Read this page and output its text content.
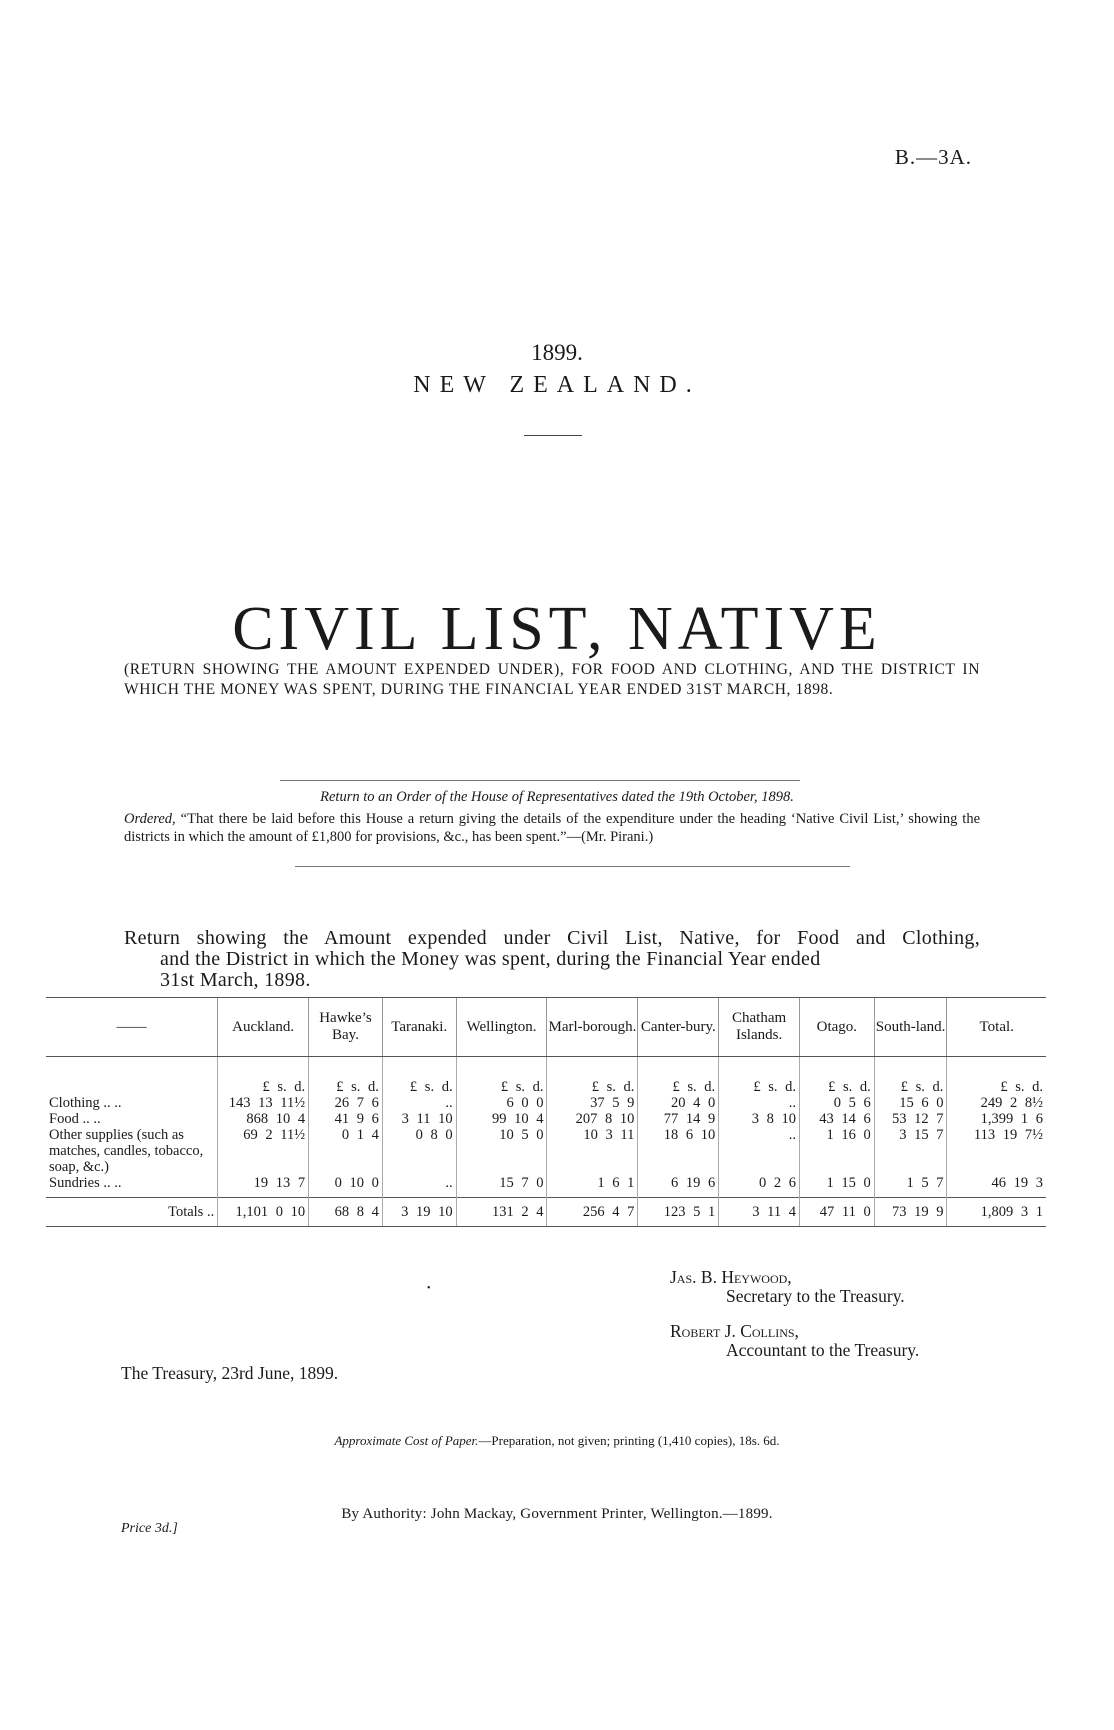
B.—3A.
1899.
NEW ZEALAND.
CIVIL LIST, NATIVE
(RETURN SHOWING THE AMOUNT EXPENDED UNDER), FOR FOOD AND CLOTHING, AND THE DISTRICT IN WHICH THE MONEY WAS SPENT, DURING THE FINANCIAL YEAR ENDED 31ST MARCH, 1898.
Return to an Order of the House of Representatives dated the 19th October, 1898.
Ordered, “That there be laid before this House a return giving the details of the expenditure under the heading ‘Native Civil List,’ showing the districts in which the amount of £1,800 for provisions, &c., has been spent.”—(Mr. Pirani.)
Return showing the Amount expended under Civil List, Native, for Food and Clothing,
and the District in which the Money was spent, during the Financial Year ended
31st March, 1898.
——	Auckland.	Hawke’s Bay.	Taranaki.	Wellington.	Marl-borough.	Canter-bury.	Chatham Islands.	Otago.	South-land.	Total.

	£ s. d.	£ s. d.	£ s. d.	£ s. d.	£ s. d.	£ s. d.	£ s. d.	£ s. d.	£ s. d.	£ s. d.
Clothing .. ..	143 13 11½	26 7 6	..	6 0 0	37 5 9	20 4 0	..	0 5 6	15 6 0	249 2 8½
Food .. ..	868 10 4	41 9 6	3 11 10	99 10 4	207 8 10	77 14 9	3 8 10	43 14 6	53 12 7	1,399 1 6
Other supplies (such as matches, candles, tobacco, soap, &c.)	69 2 11½	0 1 4	0 8 0	10 5 0	10 3 11	18 6 10	..	1 16 0	3 15 7	113 19 7½
Sundries .. ..	19 13 7	0 10 0	..	15 7 0	1 6 1	6 19 6	0 2 6	1 15 0	1 5 7	46 19 3

Totals ..	1,101 0 10	68 8 4	3 19 10	131 2 4	256 4 7	123 5 1	3 11 4	47 11 0	73 19 9	1,809 3 1
•
Jas. B. Heywood,
Secretary to the Treasury.
Robert J. Collins,
Accountant to the Treasury.
The Treasury, 23rd June, 1899.
Approximate Cost of Paper.—Preparation, not given; printing (1,410 copies), 18s. 6d.
By Authority: John Mackay, Government Printer, Wellington.—1899.
Price 3d.]
